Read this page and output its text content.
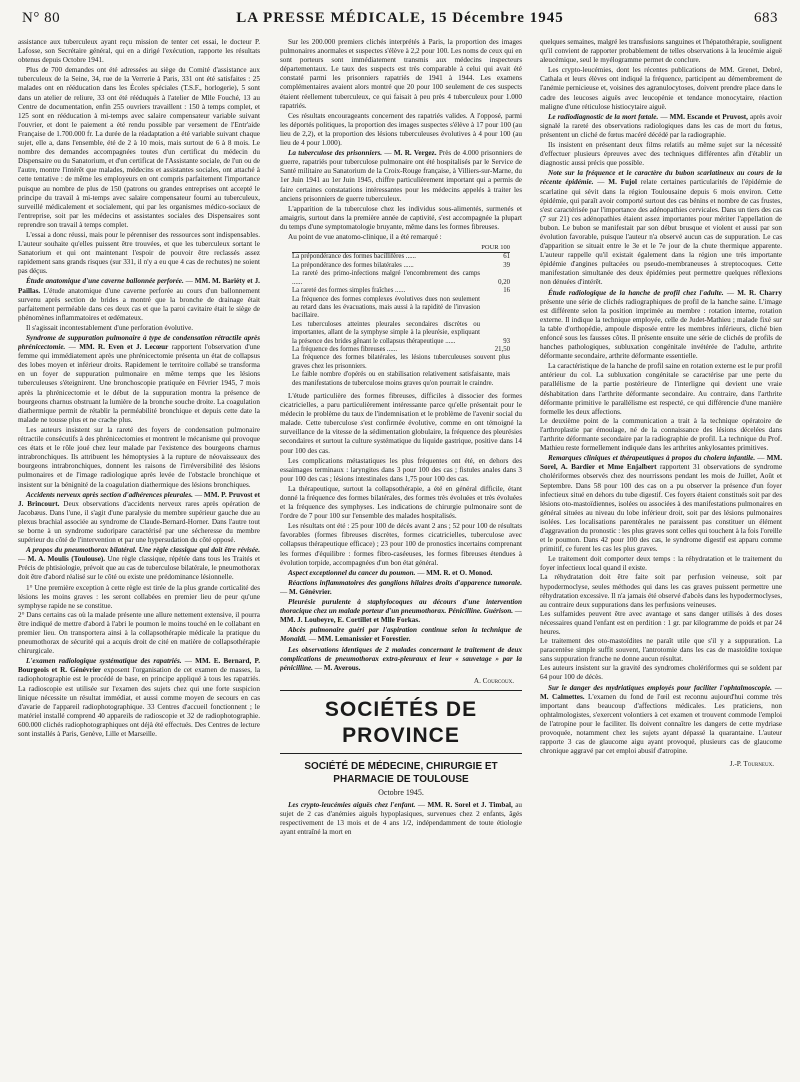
N° 80	LA PRESSE MÉDICALE, 15 Décembre 1945	683

assistance aux tuberculeux ayant reçu mission de tenter cet essai, le docteur P. Lafosse, son Secrétaire général, qui en a dirigé l'exécution, rapporte les résultats obtenus depuis Octobre 1941.

Plus de 700 demandes ont été adressées au siège du Comité d'assistance aux tuberculeux de la Seine, 34, rue de la Verrerie à Paris, 331 ont été satisfaites : 25 malades ont en rééducation dans les Écoles spéciales (T.S.F., horlogerie), 5 sont dans un atelier de reliure, 33 ont été rééduqués à l'atelier de Mlle Fouché, 13 au Centre de documentation, enfin 255 ouvriers travaillent : 150 à temps complet, et 125 sont en rééducation à mi-temps avec salaire compensateur variable suivant l'ouvrier, et dont le paiement a été rendu possible par versement de l'Entr'aide Française de 1.700.000 fr. La durée de la réadaptation a été variable suivant chaque sujet, elle a, dans l'ensemble, été de 2 à 10 mois, mais surtout de 6 à 8 mois. Le nombre des demandes accompagnées toutes d'un certificat du médecin du Dispensaire ou du Sanatorium, et d'un certificat de l'Assistante sociale, de l'un ou de l'autre, montre l'intérêt que malades, médecins et assistantes sociales, ont attaché à cette tentative : de même les employeurs en ont compris parfaitement l'importance puisque au nombre de plus de 150 (patrons ou grandes entreprises ont accepté le principe du travail à mi-temps avec salaire compensateur fourni au tuberculeux, surveillé médicalement et socialement, qui par les organismes médico-sociaux de l'entreprise, soit par les médecins et assistantes sociales des Dispensaires sont reprendre son travail à temps complet.

L'essai a donc réussi, mais pour le pérenniser des ressources sont indispensables. L'auteur souhaite qu'elles puissent être trouvées, et que les tuberculeux sortant le Sanatorium et qui ont maintenant l'espoir de pouvoir être reclassés assez rapidement sans grands risques (sur 331, il n'y a eu que 4 cas de rechutes) ne soient pas déçus.

Étude anatomique d'une caverne ballonnée perforée. — MM. M. Bariéty et J. Paillas. L'étude anatomique d'une caverne perforée au cours d'un ballonnement survenu après section de brides a montré que la bronche de drainage était parfaitement perméable dans ces deux cas et que la paroi cavitaire était le siège de phénomènes inflammatoires et œdémateux.

Il s'agissait incontestablement d'une perforation évolutive.

Syndrome de suppuration pulmonaire à type de condensation rétractile après phrénicectomie. — MM. R. Even et J. Lecœur rapportent l'observation d'une femme qui immédiatement après une phrénicectomie présenta un état de collapsus des lobes moyen et inférieur droits. Rapidement le territoire collabé se transforma en un foyer de suppuration pulmonaire en même temps que les lésions tuberculeuses s'éteignirent. Une bronchoscopie pratiquée en Février 1945, 7 mois après la phrénicectomie et le début de la suppuration montra la présence de bourgeons charnus obstruant la lumière de la bronche souche droite. La coagulation diathermique permit de rétablir la perméabilité bronchique et depuis cette date la malade ne tousse plus et ne crache plus.

Les auteurs insistent sur la rareté des foyers de condensation pulmonaire rétractile consécutifs à des phrénicectomies et montrent le mécanisme qui provoque ces états et le rôle joué chez leur malade par l'existence des bourgeons charnus intrabronchiques. Ils attribuent les hémoptysies à la rupture de néovaisseaux des bourgeons intrabronchiques, donnent les raisons de l'irréversibilité des lésions pulmonaires et de l'image radiologique après levée de l'obstacle bronchique et insistent sur la bénignité de la coagulation diathermique des lésions bronchiques.

Accidents nerveux après section d'adhérences pleurales. — MM. P. Pruvost et J. Brincourt. Deux observations d'accidents nerveux rares après opération de Jacobæus. Dans l'une, il s'agit d'une paralysie du membre supérieur gauche due au plexus brachial associée au syndrome de Claude-Bernard-Horner. Dans l'autre tout se borne à un syndrome sudoripare caractérisé par une sécheresse du membre supérieur du côté de l'intervention et par une hypersudation du côté opposé.

A propos du pneumothorax bilatéral. Une règle classique qui doit être révisée. — M. A. Moulis (Toulouse). Une règle classique, répétée dans tous les Traités et Précis de phtisiologie, prévoit que au cas de tuberculose bilatérale, le pneumothorax doit être d'abord réalisé sur le côté ou existe une prédominance lésionnelle.

1° Une première exception à cette règle est tirée de la plus grande corticalité des lésions les moins graves : les seront collabées en premier lieu de peur qu'une symphyse rapide ne se constitue.
2° Dans certains cas où la malade présente une allure nettement extensive, il pourra être indiqué de mettre d'abord à l'abri le poumon le moins touché en le collabant en premier lieu. On transportera ainsi à la collapsothérapie médicale la pratique du pneumothorax de sécurité qui a acquis droit de cité en matière de collapsothérapie chirurgicale.

L'examen radiologique systématique des rapatriés. — MM. E. Bernard, P. Bourgeois et R. Génévrier exposent l'organisation de cet examen de masses, la radiophotographie est le procédé de base, en principe appliqué à tous les rapatriés. La radioscopie est utilisée sur l'examen des sujets chez qui une forte suspicion linique nécessite un résultat immédiat, et aussi comme moyen de secours en cas d'avarie de l'appareil radiophotographique. 33 Centres d'accueil fonctionnent ; le matériel installé comprend 40 appareils de radioscopie et 32 de radiophotographie. 600.000 clichés radiophotographiques ont déjà été effectués. Des Centres de lecture sont installés à Paris, Genève, Lille et Marseille.

Sur les 200.000 premiers clichés interprétés à Paris, la proportion des images pulmonaires anormales et suspectes s'élève à 2,2 pour 100. Les noms de ceux qui en sont porteurs sont immédiatement transmis aux médecins inspecteurs départementaux. Le taux des suspects est très comparable à celui qui avait été constaté parmi les prisonniers rapatriés de 1941 à 1944. Les examens complémentaires avaient alors montré que 20 pour 100 seulement de ces suspects étaient réellement tuberculeux, ce qui faisait à peu près 4 tuberculeux pour 1.000 rapatriés.

Ces résultats encourageants concernent des rapatriés valides. A l'opposé, parmi les déportés politiques, la proportion des images suspectes s'élève à 17 pour 100 (au lieu de 2,2), et la proportion des lésions tuberculeuses évolutives à 4 pour 100 (au lieu de 4 pour 1.000).

La tuberculose des prisonniers. — M. R. Vergez. Près de 4.000 prisonniers de guerre, rapatriés pour tuberculose pulmonaire ont été hospitalisés par le Service de Santé militaire au Sanatorium de la Croix-Rouge française, à Villiers-sur-Marne, du 1er Juin 1941 au 1er Juin 1945, chiffre particulièrement important qui a permis de faire certaines constatations intéressantes pour les médecins appelés à traiter les anciens prisonniers de guerre tuberculeux.

L'apparition de la tuberculose chez les individus sous-alimentés, surmenés et amaigris, surtout dans la première année de captivité, s'est accompagnée la plupart du temps d'une symptomatologie bruyante, même dans les formes fibreuses.

Au point de vue anatomo-clinique, il a été remarqué :

	POUR 100
La prépondérance des formes bacillifères ......	61
La prépondérance des formes bilatérales ......	39
La rareté des primo-infections malgré l'encombrement des camps ......	0,20
La rareté des formes simples fraîches ......	16
La fréquence des formes complexes évolutives dues non seulement au retard dans les évacuations, mais aussi à la rapidité de l'invasion bacillaire.	
Les tuberculoses atteintes pleurales secondaires discrètes ou importantes, allant de la symphyse simple à la pleurésie, expliquant la présence des brides gênant le collapsus thérapeutique ......	93
La fréquence des formes fibreuses ......	21,50
La fréquence des formes bilatérales, les lésions tuberculeuses souvent plus graves chez les prisonniers.	
Le faible nombre d'opérés ou en stabilisation relativement satisfaisante, mais des manifestations de tuberculose moins graves qu'on pourrait le craindre.	

L'étude particulière des formes fibreuses, difficiles à dissocier des formes cicatricielles, a paru particulièrement intéressante parce qu'elle présentait pour le médecin le problème du taux de l'indemnisation et le problème de l'avenir social du malade. Cette tuberculose s'est confirmée évolutive, comme en ont témoigné la surveillance de la vitesse de la sédimentation globulaire, la fréquence des pleurésies secondaires et surtout la culture systématique du liquide gastrique, positive dans 14 pour 100 des cas.

Les complications métastatiques les plus fréquentes ont été, en dehors des essaimages terminaux : laryngites dans 3 pour 100 des cas ; fistules anales dans 3 pour 100 des cas ; lésions intestinales dans 1,75 pour 100 des cas.

La thérapeutique, surtout la collapsothérapie, a été en général difficile, étant donné la fréquence des formes bilatérales, des formes très évoluées et très évoluées et la fréquence des symphyses. Les indications de chirurgie pulmonaire sont de l'ordre de 7 pour 100 sur l'ensemble des malades hospitalisés.

Les résultats ont été : 25 pour 100 de décès avant 2 ans ; 52 pour 100 de résultats favorables (formes fibreuses discrètes, formes cicatricielles, tuberculose avec collapsus thérapeutique efficace) ; 23 pour 100 de pronostics incertains comprenant les formes d'équilibre : formes fibro-caséeuses, les formes fibreuses étendues à évolution torpide, accompagnées d'un bon état général.

Aspect exceptionnel du cancer du poumon. — MM. R. et O. Monod.

Réactions inflammatoires des ganglions hilaires droits d'apparence tumorale. — M. Génévrier.

Pleurésie purulente à staphylocoques au décours d'une intervention thoracique chez un malade porteur d'un pneumothorax. Pénicilline. Guérison. — MM. J. Loubeyre, E. Cortillet et Mlle Forkas.

Abcès pulmonaire guéri par l'aspiration continue selon la technique de Monaldi. — MM. Lemanissier et Forestier.

Les observations identiques de 2 malades concernant le traitement de deux complications de pneumothorax extra-pleuraux et leur « sauvetage » par la pénicilline. — M. Averous.

A. Courcoux.
SOCIÉTÉS DE PROVINCE
SOCIÉTÉ DE MÉDECINE, CHIRURGIE ET PHARMACIE DE TOULOUSE
Octobre 1945.

Les crypto-leucémies aiguës chez l'enfant. — MM. R. Sorel et J. Timbal, au sujet de 2 cas d'anémies aiguës hypoplasiques, survenues chez 2 enfants, âgés respectivement de 13 mois et de 4 ans 1/2, indépendamment de toute étiologie ayant entraîné la mort en

quelques semaines, malgré les transfusions sanguines et l'hépatothérapie, soulignent qu'il convient de rapporter probablement de telles observations à la leucémie aiguë aleucémique, seul le myélogramme permet de conclure.

Les crypto-leucémies, dont les récentes publications de MM. Grenet, Debré, Cathala et leurs élèves ont indiqué la fréquence, participent au démembrement de l'anémie pernicieuse et, voisines des agranulocytoses, doivent prendre place dans le cadre des leucoses aiguës avec leucopénie et tendance monocytaire, réaction maligne d'une réticulose histiocytaire aiguë.

Le radiodiagnostic de la mort fœtale. — MM. Escande et Pruvost, après avoir signalé la rareté des observations radiologiques dans les cas de mort du fœtus, présentent un cliché de fœtus macéré décédé par la radiographie.

Ils insistent en présentant deux films relatifs au même sujet sur la nécessité d'effectuer plusieurs épreuves avec des techniques différentes afin d'établir un diagnostic aussi précis que possible.

Note sur la fréquence et le caractère du bubon scarlatineux au cours de la récente épidémie. — M. Fujol relate certaines particularités de l'épidémie de scarlatine qui sévit dans la région Toulousaine depuis 6 mois environ. Cette épidémie, qui paraît avoir comporté surtout des cas bénins et nombre de cas frustes, s'est caractérisée par l'importance des adénopathies cervicales. Dans un tiers des cas (7 sur 21) ces adénopathies étaient assez importantes pour mériter l'appellation de bubon. Le bubon se manifestait par son début brusque et violent et aussi par son évolution favorable, puisque l'auteur n'a observé aucun cas de suppuration. Le cas d'apparition se situait entre le 3e et le 7e jour de la chute thermique apparente. L'auteur rappelle qu'il existait également dans la région une très importante épidémie d'angines pultacées ou pseudo-membraneuses à streptocoques. Cette manifestation simultanée des deux épidémies peut permettre quelques réflexions non dénuées d'intérêt.

Étude radiologique de la hanche de profil chez l'adulte. — M. R. Charry présente une série de clichés radiographiques de profil de la hanche saine. L'image est différente selon la position imprimée au membre : rotation interne, rotation externe. Il indique la technique employée, celle de Judet-Mathieu ; malade fixé sur la table d'orthopédie, ampoule disposée entre les membres inférieurs, cliché bien enfoncé sous les fausses côtes. Il présente ensuite une série de clichés de profils de hanches pathologiques, subluxation congénitale invétérée de l'adulte, arthrite déformante secondaire, arthrite déformante essentielle.

La caractéristique de la hanche de profil saine en rotation externe est le pur profil antérieur du col. La subluxation congénitale se caractérise par une perte du parallélisme de la partie postérieure de l'interligne qui devient une vraie déshabitation dans l'arthrite déformante secondaire. Au contraire, dans l'arthrite déformante primitive le parallélisme est respecté, ce qui différencie d'une manière formelle les deux affections.
Le deuxième point de la communication a trait à la technique opératoire de l'arthroplastie par émoulage, né de la connaissance des lésions décelées dans l'arthrite déformante secondaire par la radiographie de profil. La technique du Prof. Mathieu reste formellement indiquée dans les arthrites ankylosantes primitives.

Remarques cliniques et thérapeutiques à propos du cholera infantile. — MM. Sorel, A. Bardier et Mme Enjalbert rapportent 31 observations de syndrome cholériformes observés chez des nourrissons pendant les mois de Juillet, Août et Septembre. Dans 58 pour 100 des cas on a pu observer la présence d'un foyer infectieux situé en dehors du tube digestif. Ces foyers étaient constitués soit par des lésions oto-mastoïdiennes, isolées ou associées à des manifestations pulmonaires en général situées au niveau du lobe inférieur droit, soit par des lésions pulmonaires isolées. Les localisations parentérales ne paraissent pas constituer un élément d'aggravation du pronostic : les plus graves sont celles qui touchent à la fois l'oreille et le poumon. Dans 42 pour 100 des cas, le syndrome digestif est apparu comme primitif, ce furent les cas les plus graves.

Le traitement doit comporter deux temps : la réhydratation et le traitement du foyer infectieux local quand il existe.
La réhydratation doit être faite soit par perfusion veineuse, soit par hypodermoclyse, seules méthodes qui dans les cas graves puissent permettre une réhydratation excessive. Il n'a jamais été observé d'abcès dans les hypodermoclyses, au contraire deux suppurations dans les perfusions veineuses.
Les sulfamides peuvent être avec avantage et sans danger utilisés à des doses nécessaires quand l'enfant est en perdition : 1 gr. par kilogramme de poids et par 24 heures.
Le traitement des oto-mastoïdites ne paraît utile que s'il y a suppuration. La paracentèse simple suffit souvent, l'antrotomie dans les cas de mastoïdite toxique sans suppuration franche ne donne aucun résultat.
Les auteurs insistent sur la gravité des syndromes cholériformes qui se soldent par 64 pour 100 de décès.

Sur le danger des mydriatiques employés pour faciliter l'ophtalmoscopie. — M. Calmettes. L'examen du fond de l'œil est reconnu aujourd'hui comme très important dans beaucoup d'affections médicales. Les praticiens, non ophtalmologistes, s'exercent volontiers à cet examen et trouvent commode l'emploi de l'atropine pour le faciliter. Ils doivent connaître les dangers de cette mydriase provoquée, notamment chez les sujets ayant dépassé la quarantaine. L'auteur rapporte 3 cas de glaucome aigu ayant provoqué, plusieurs cas de glaucome chronique aggravé par cet emploi abusif d'atropine.

J.-P. Tourneux.
